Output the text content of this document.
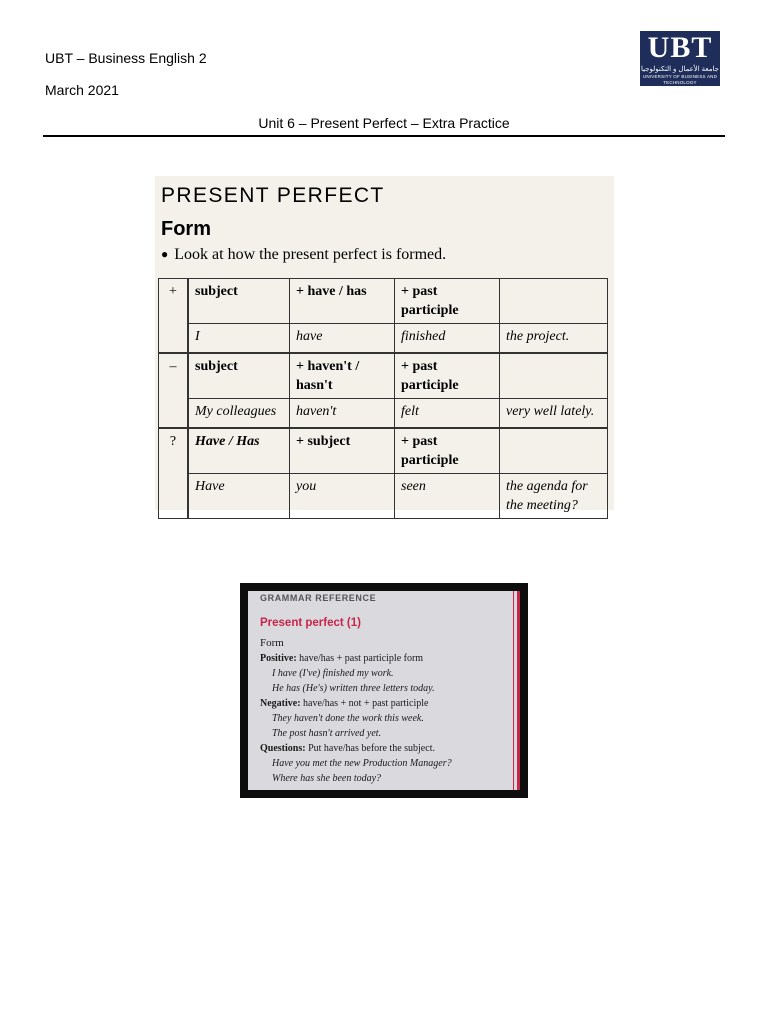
UBT – Business English 2
March 2021
Unit 6 – Present Perfect – Extra Practice
UBT
جامعة الأعمال و التكنولوجيا
UNIVERSITY OF BUSINESS AND TECHNOLOGY
PRESENT PERFECT
Form
● Look at how the present perfect is formed.
+	subject	+ have / has	+ past participle	
	I	have	finished	the project.
–	subject	+ haven't / hasn't	+ past participle	
	My colleagues	haven't	felt	very well lately.
?	Have / Has	+ subject	+ past participle	
	Have	you	seen	the agenda for the meeting?
GRAMMAR REFERENCE
Present perfect (1)
Form
Positive: have/has + past participle form
I have (I've) finished my work.
He has (He's) written three letters today.
Negative: have/has + not + past participle
They haven't done the work this week.
The post hasn't arrived yet.
Questions: Put have/has before the subject.
Have you met the new Production Manager?
Where has she been today?
